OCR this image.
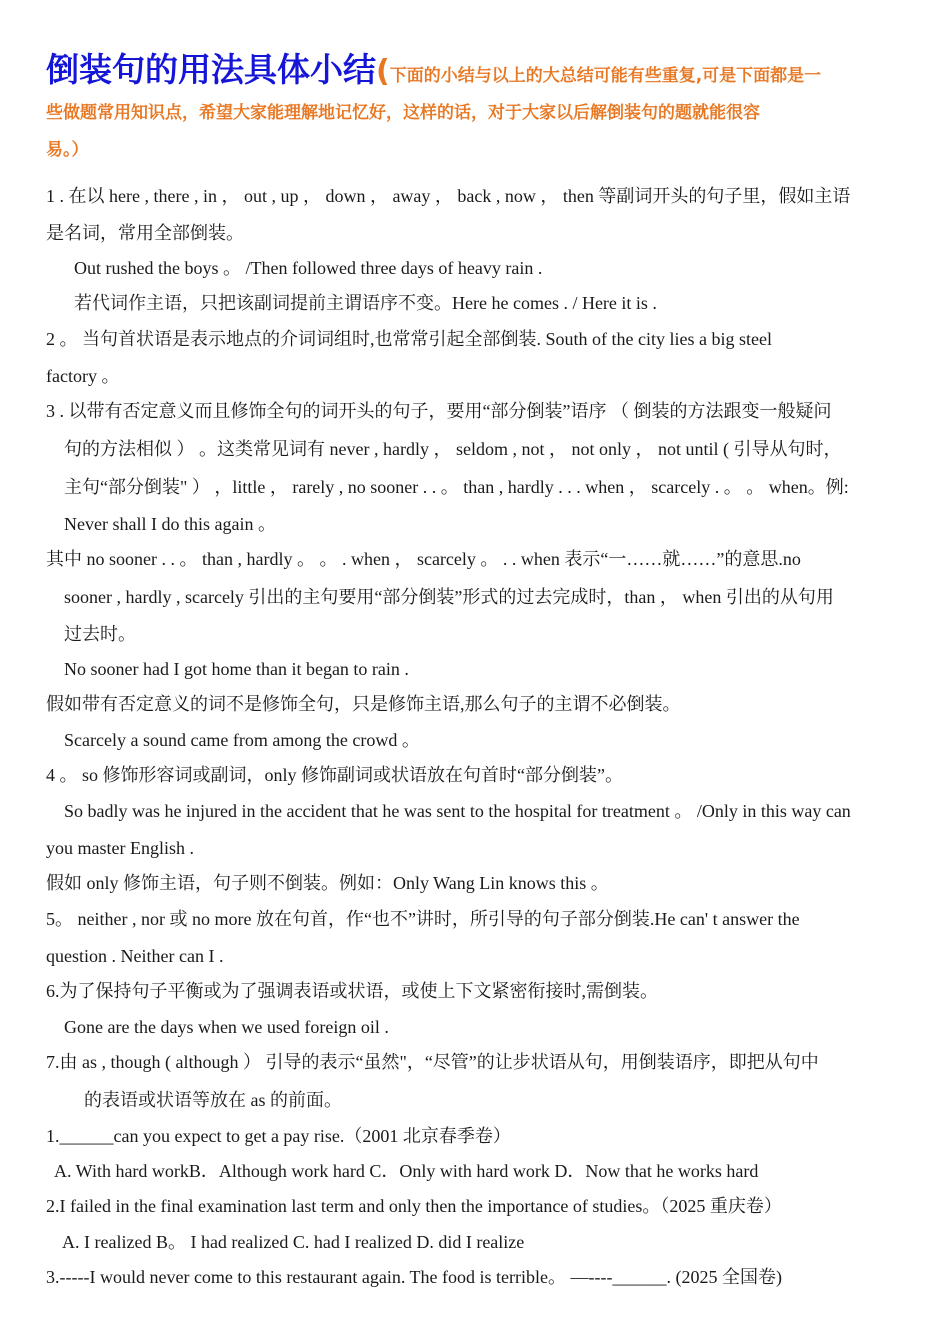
倒装句的用法具体小结(下面的小结与以上的大总结可能有些重复,可是下面都是一
些做题常用知识点，希望大家能理解地记忆好，这样的话，对于大家以后解倒装句的题就能很容
易。）
1 . 在以 here , there , in ， out , up ， down ， away ， back , now ， then 等副词开头的句子里，假如主语
是名词，常用全部倒装。
Out rushed the boys 。 /Then followed three days of heavy rain .
若代词作主语，只把该副词提前主谓语序不变。Here he comes . / Here it is .
2 。 当句首状语是表示地点的介词词组时,也常常引起全部倒装. South of the city lies a big steel
factory 。
3 . 以带有否定意义而且修饰全句的词开头的句子，要用“部分倒装”语序 （ 倒装的方法跟变一般疑问
句的方法相似 ） 。这类常见词有 never , hardly ， seldom , not ， not only ， not until ( 引导从句时，
主句“部分倒装" ） ，little ， rarely , no sooner . . 。 than , hardly . . . when ， scarcely . 。 。 when。例:
Never shall I do this again 。
其中 no sooner . . 。 than , hardly 。 。 . when ， scarcely 。 . . when 表示“一……就……”的意思.no
sooner , hardly , scarcely 引出的主句要用“部分倒装”形式的过去完成时，than ， when 引出的从句用
过去时。
No sooner had I got home than it began to rain .
假如带有否定意义的词不是修饰全句，只是修饰主语,那么句子的主谓不必倒装。
Scarcely a sound came from among the crowd 。
4 。 so 修饰形容词或副词，only 修饰副词或状语放在句首时“部分倒装”。
So badly was he injured in the accident that he was sent to the hospital for treatment 。 /Only in this way can
you master English .
假如 only 修饰主语，句子则不倒装。例如：Only Wang Lin knows this 。
5。 neither , nor 或 no more 放在句首，作“也不”讲时，所引导的句子部分倒装.He can' t answer the
question . Neither can I .
6.为了保持句子平衡或为了强调表语或状语，或使上下文紧密衔接时,需倒装。
Gone are the days when we used foreign oil .
7.由 as , though ( although ） 引导的表示“虽然"，“尽管”的让步状语从句，用倒装语序，即把从句中
的表语或状语等放在 as 的前面。
1.______can you expect to get a pay rise.（2001 北京春季卷）
A. With hard workB．Although work hard C．Only with hard work D．Now that he works hard
2.I failed in the final examination last term and only then the importance of studies。（2025 重庆卷）
A. I realized B。 I had realized C. had I realized D. did I realize
3.-----I would never come to this restaurant again. The food is terrible。 —----______. (2025 全国卷)
